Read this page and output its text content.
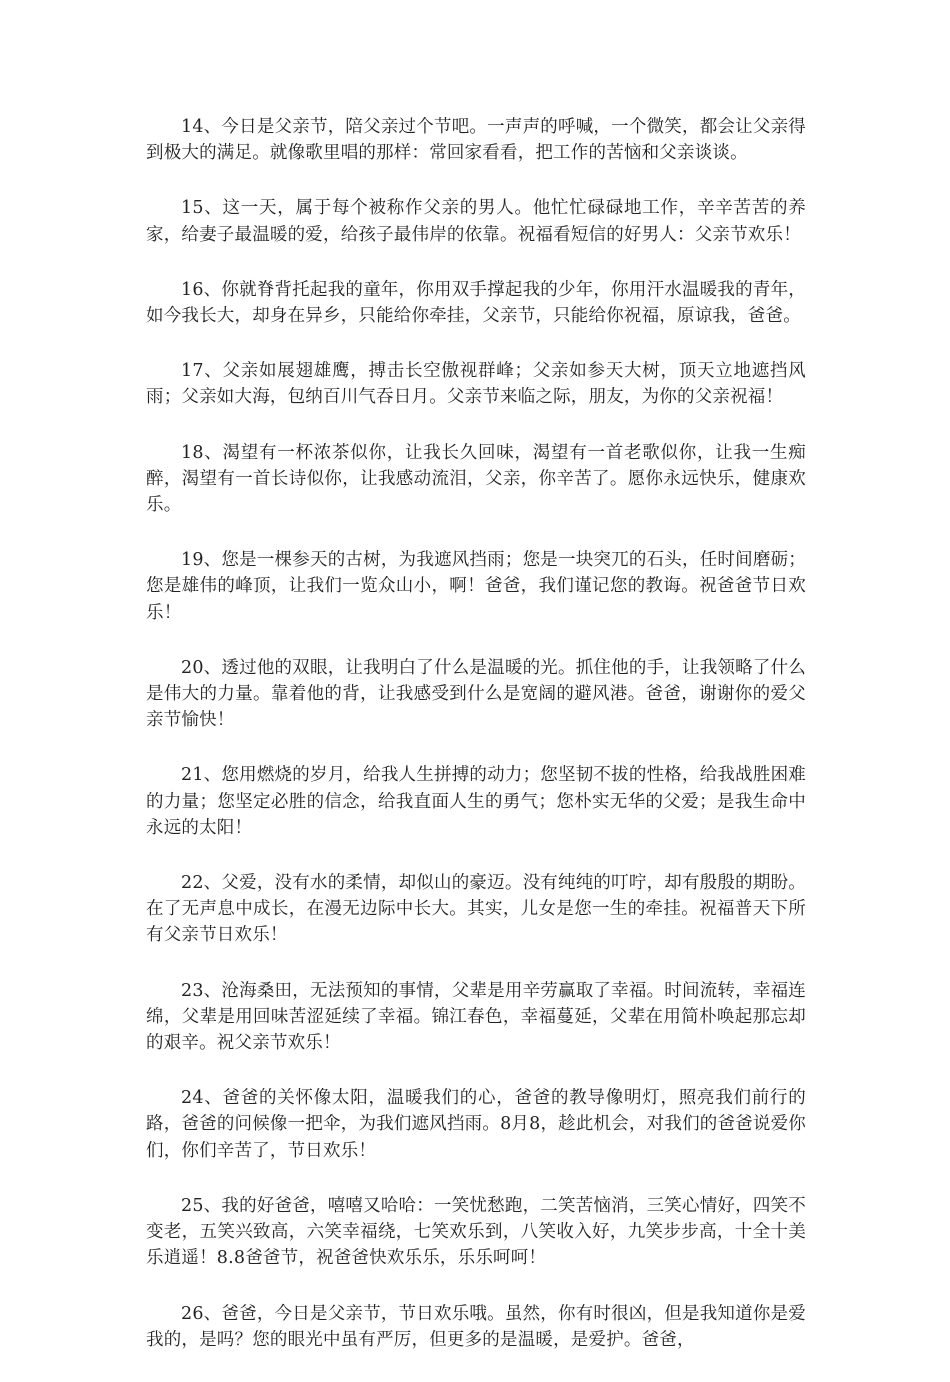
14、今日是父亲节，陪父亲过个节吧。一声声的呼喊，一个微笑，都会让父亲得到极大的满足。就像歌里唱的那样：常回家看看，把工作的苦恼和父亲谈谈。

15、这一天，属于每个被称作父亲的男人。他忙忙碌碌地工作，辛辛苦苦的养家，给妻子最温暖的爱，给孩子最伟岸的依靠。祝福看短信的好男人：父亲节欢乐！

16、你就脊背托起我的童年，你用双手撑起我的少年，你用汗水温暖我的青年，如今我长大，却身在异乡，只能给你牵挂，父亲节，只能给你祝福，原谅我，爸爸。

17、父亲如展翅雄鹰，搏击长空傲视群峰；父亲如参天大树，顶天立地遮挡风雨；父亲如大海，包纳百川气吞日月。父亲节来临之际，朋友，为你的父亲祝福！

18、渴望有一杯浓茶似你，让我长久回味，渴望有一首老歌似你，让我一生痴醉，渴望有一首长诗似你，让我感动流泪，父亲，你辛苦了。愿你永远快乐，健康欢乐。

19、您是一棵参天的古树，为我遮风挡雨；您是一块突兀的石头，任时间磨砺；您是雄伟的峰顶，让我们一览众山小，啊！爸爸，我们谨记您的教诲。祝爸爸节日欢乐！

20、透过他的双眼，让我明白了什么是温暖的光。抓住他的手，让我领略了什么是伟大的力量。靠着他的背，让我感受到什么是宽阔的避风港。爸爸，谢谢你的爱父亲节愉快！

21、您用燃烧的岁月，给我人生拼搏的动力；您坚韧不拔的性格，给我战胜困难的力量；您坚定必胜的信念，给我直面人生的勇气；您朴实无华的父爱；是我生命中永远的太阳！

22、父爱，没有水的柔情，却似山的豪迈。没有纯纯的叮咛，却有殷殷的期盼。在了无声息中成长，在漫无边际中长大。其实，儿女是您一生的牵挂。祝福普天下所有父亲节日欢乐！

23、沧海桑田，无法预知的事情，父辈是用辛劳赢取了幸福。时间流转，幸福连绵，父辈是用回味苦涩延续了幸福。锦江春色，幸福蔓延，父辈在用简朴唤起那忘却的艰辛。祝父亲节欢乐！

24、爸爸的关怀像太阳，温暖我们的心，爸爸的教导像明灯，照亮我们前行的路，爸爸的问候像一把伞，为我们遮风挡雨。8月8，趁此机会，对我们的爸爸说爱你们，你们辛苦了，节日欢乐！

25、我的好爸爸，嘻嘻又哈哈：一笑忧愁跑，二笑苦恼消，三笑心情好，四笑不变老，五笑兴致高，六笑幸福绕，七笑欢乐到，八笑收入好，九笑步步高，十全十美乐逍遥！8.8爸爸节，祝爸爸快欢乐乐，乐乐呵呵！

26、爸爸，今日是父亲节，节日欢乐哦。虽然，你有时很凶，但是我知道你是爱我的，是吗？您的眼光中虽有严厉，但更多的是温暖，是爱护。爸爸，
